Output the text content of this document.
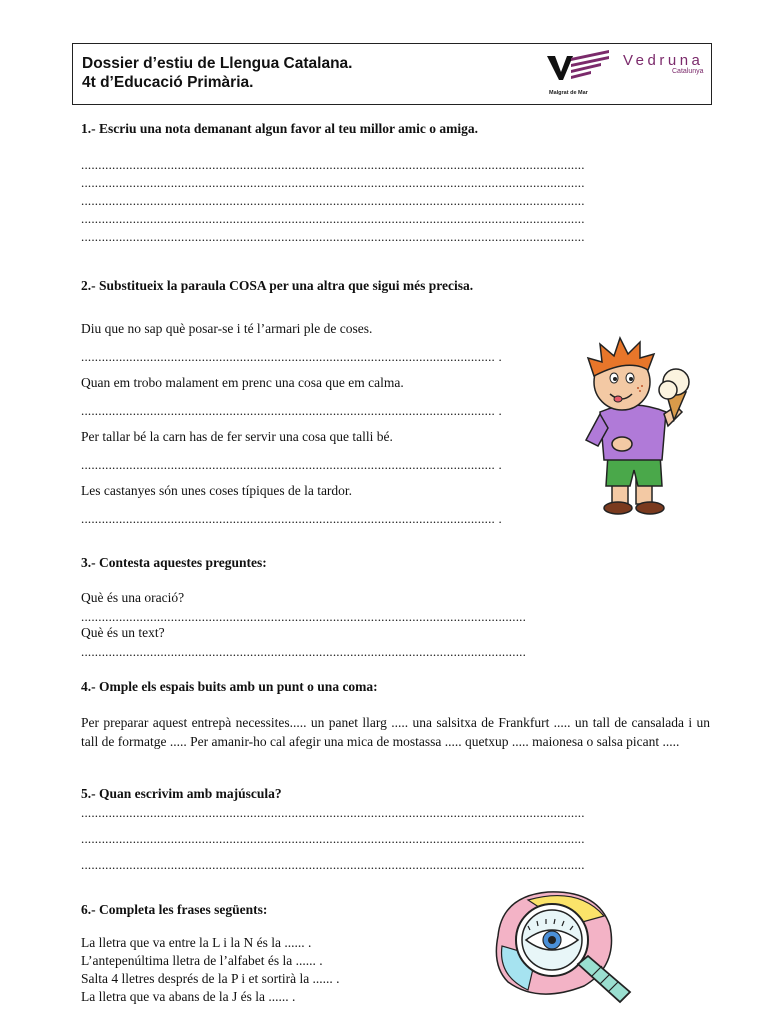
Dossier d’estiu de Llengua Catalana.
4t d’Educació Primària.
Vedruna
Catalunya
Malgrat de Mar
1.- Escriu una nota demanant algun favor al teu millor amic o amiga.
..................................................................................................................................................
..................................................................................................................................................
..................................................................................................................................................
..................................................................................................................................................
..................................................................................................................................................
2.- Substitueix la paraula COSA per una altra que sigui més precisa.
Diu que no sap què posar-se i té l’armari ple de coses.
........................................................................................................................ .
Quan em trobo malament em prenc una cosa que em calma.
........................................................................................................................ .
Per tallar bé la carn has de fer servir una cosa que talli bé.
........................................................................................................................ .
Les castanyes són unes coses típiques de la tardor.
........................................................................................................................ .
3.- Contesta aquestes preguntes:
Què és una oració?
.................................................................................................................................
Què és un text?
.................................................................................................................................
4.- Omple els espais buits amb un punt o una coma:
Per preparar aquest entrepà necessites..... un panet llarg ..... una salsitxa de Frankfurt ..... un tall de cansalada i un tall de formatge ..... Per amanir-ho cal afegir una mica de mostassa ..... quetxup ..... maionesa o salsa picant .....
5.- Quan escrivim amb majúscula?
..................................................................................................................................................
..................................................................................................................................................
..................................................................................................................................................
6.- Completa les frases següents:
La lletra que va entre la L i la N és la ...... .
L’antepenúltima lletra de l’alfabet és la ...... .
Salta 4 lletres després de la P i et sortirà la ...... .
La lletra que va abans de la J és la ...... .
